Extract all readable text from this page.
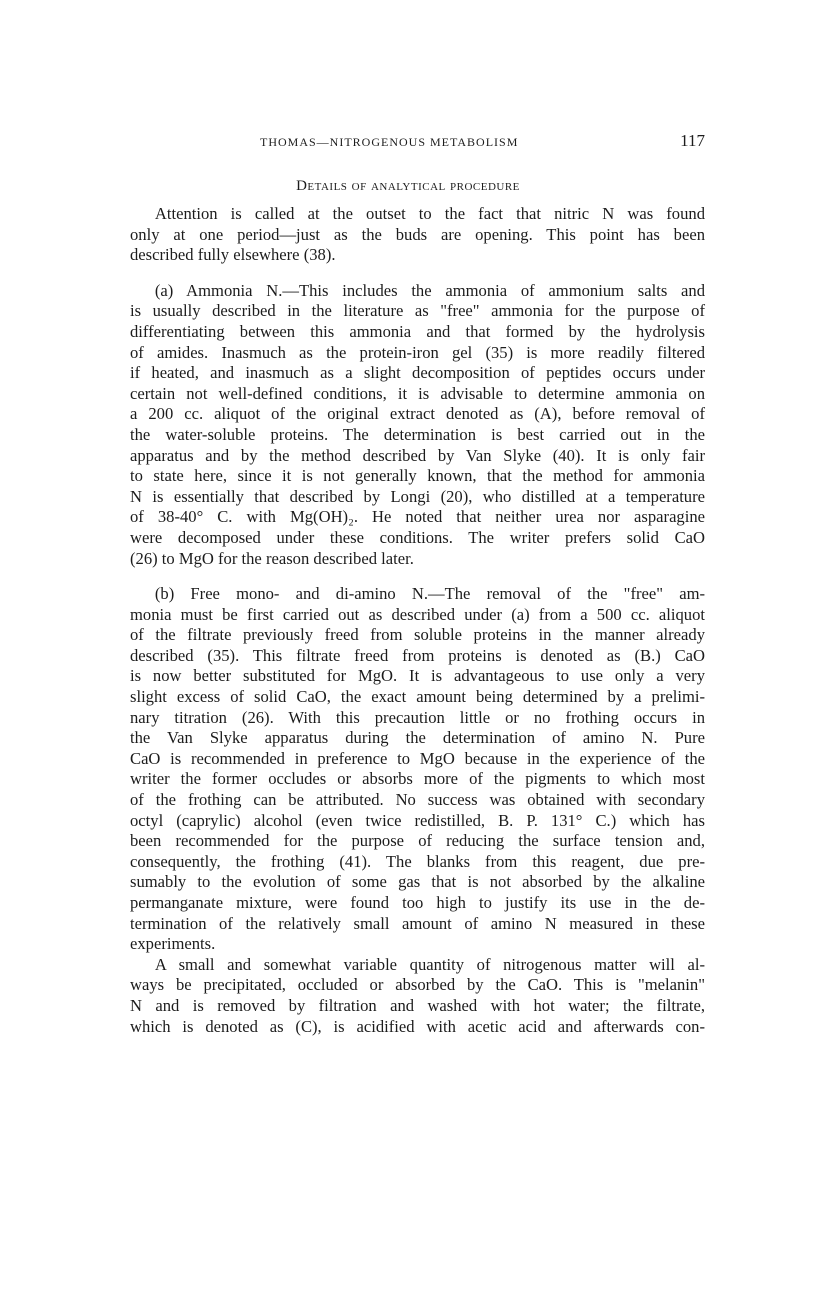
THOMAS—NITROGENOUS METABOLISM	117
Details of analytical procedure

  Attention is called at the outset to the fact that nitric N was found
only at one period—just as the buds are opening. This point has been
described fully elsewhere (38).

  (a) Ammonia N.—This includes the ammonia of ammonium salts and
is usually described in the literature as "free" ammonia for the purpose of
differentiating between this ammonia and that formed by the hydrolysis
of amides. Inasmuch as the protein-iron gel (35) is more readily filtered
if heated, and inasmuch as a slight decomposition of peptides occurs under
certain not well-defined conditions, it is advisable to determine ammonia on
a 200 cc. aliquot of the original extract denoted as (A), before removal of
the water-soluble proteins. The determination is best carried out in the
apparatus and by the method described by Van Slyke (40). It is only fair
to state here, since it is not generally known, that the method for ammonia
N is essentially that described by Longi (20), who distilled at a temperature
of 38-40° C. with Mg(OH)₂. He noted that neither urea nor asparagine
were decomposed under these conditions. The writer prefers solid CaO
(26) to MgO for the reason described later.

  (b) Free mono- and di-amino N.—The removal of the "free" am-
monia must be first carried out as described under (a) from a 500 cc. aliquot
of the filtrate previously freed from soluble proteins in the manner already
described (35). This filtrate freed from proteins is denoted as (B.) CaO
is now better substituted for MgO. It is advantageous to use only a very
slight excess of solid CaO, the exact amount being determined by a prelimi-
nary titration (26). With this precaution little or no frothing occurs in
the Van Slyke apparatus during the determination of amino N. Pure
CaO is recommended in preference to MgO because in the experience of the
writer the former occludes or absorbs more of the pigments to which most
of the frothing can be attributed. No success was obtained with secondary
octyl (caprylic) alcohol (even twice redistilled, B. P. 131° C.) which has
been recommended for the purpose of reducing the surface tension and,
consequently, the frothing (41). The blanks from this reagent, due pre-
sumably to the evolution of some gas that is not absorbed by the alkaline
permanganate mixture, were found too high to justify its use in the de-
termination of the relatively small amount of amino N measured in these
experiments.

  A small and somewhat variable quantity of nitrogenous matter will al-
ways be precipitated, occluded or absorbed by the CaO. This is "melanin"
N and is removed by filtration and washed with hot water; the filtrate,
which is denoted as (C), is acidified with acetic acid and afterwards con-
